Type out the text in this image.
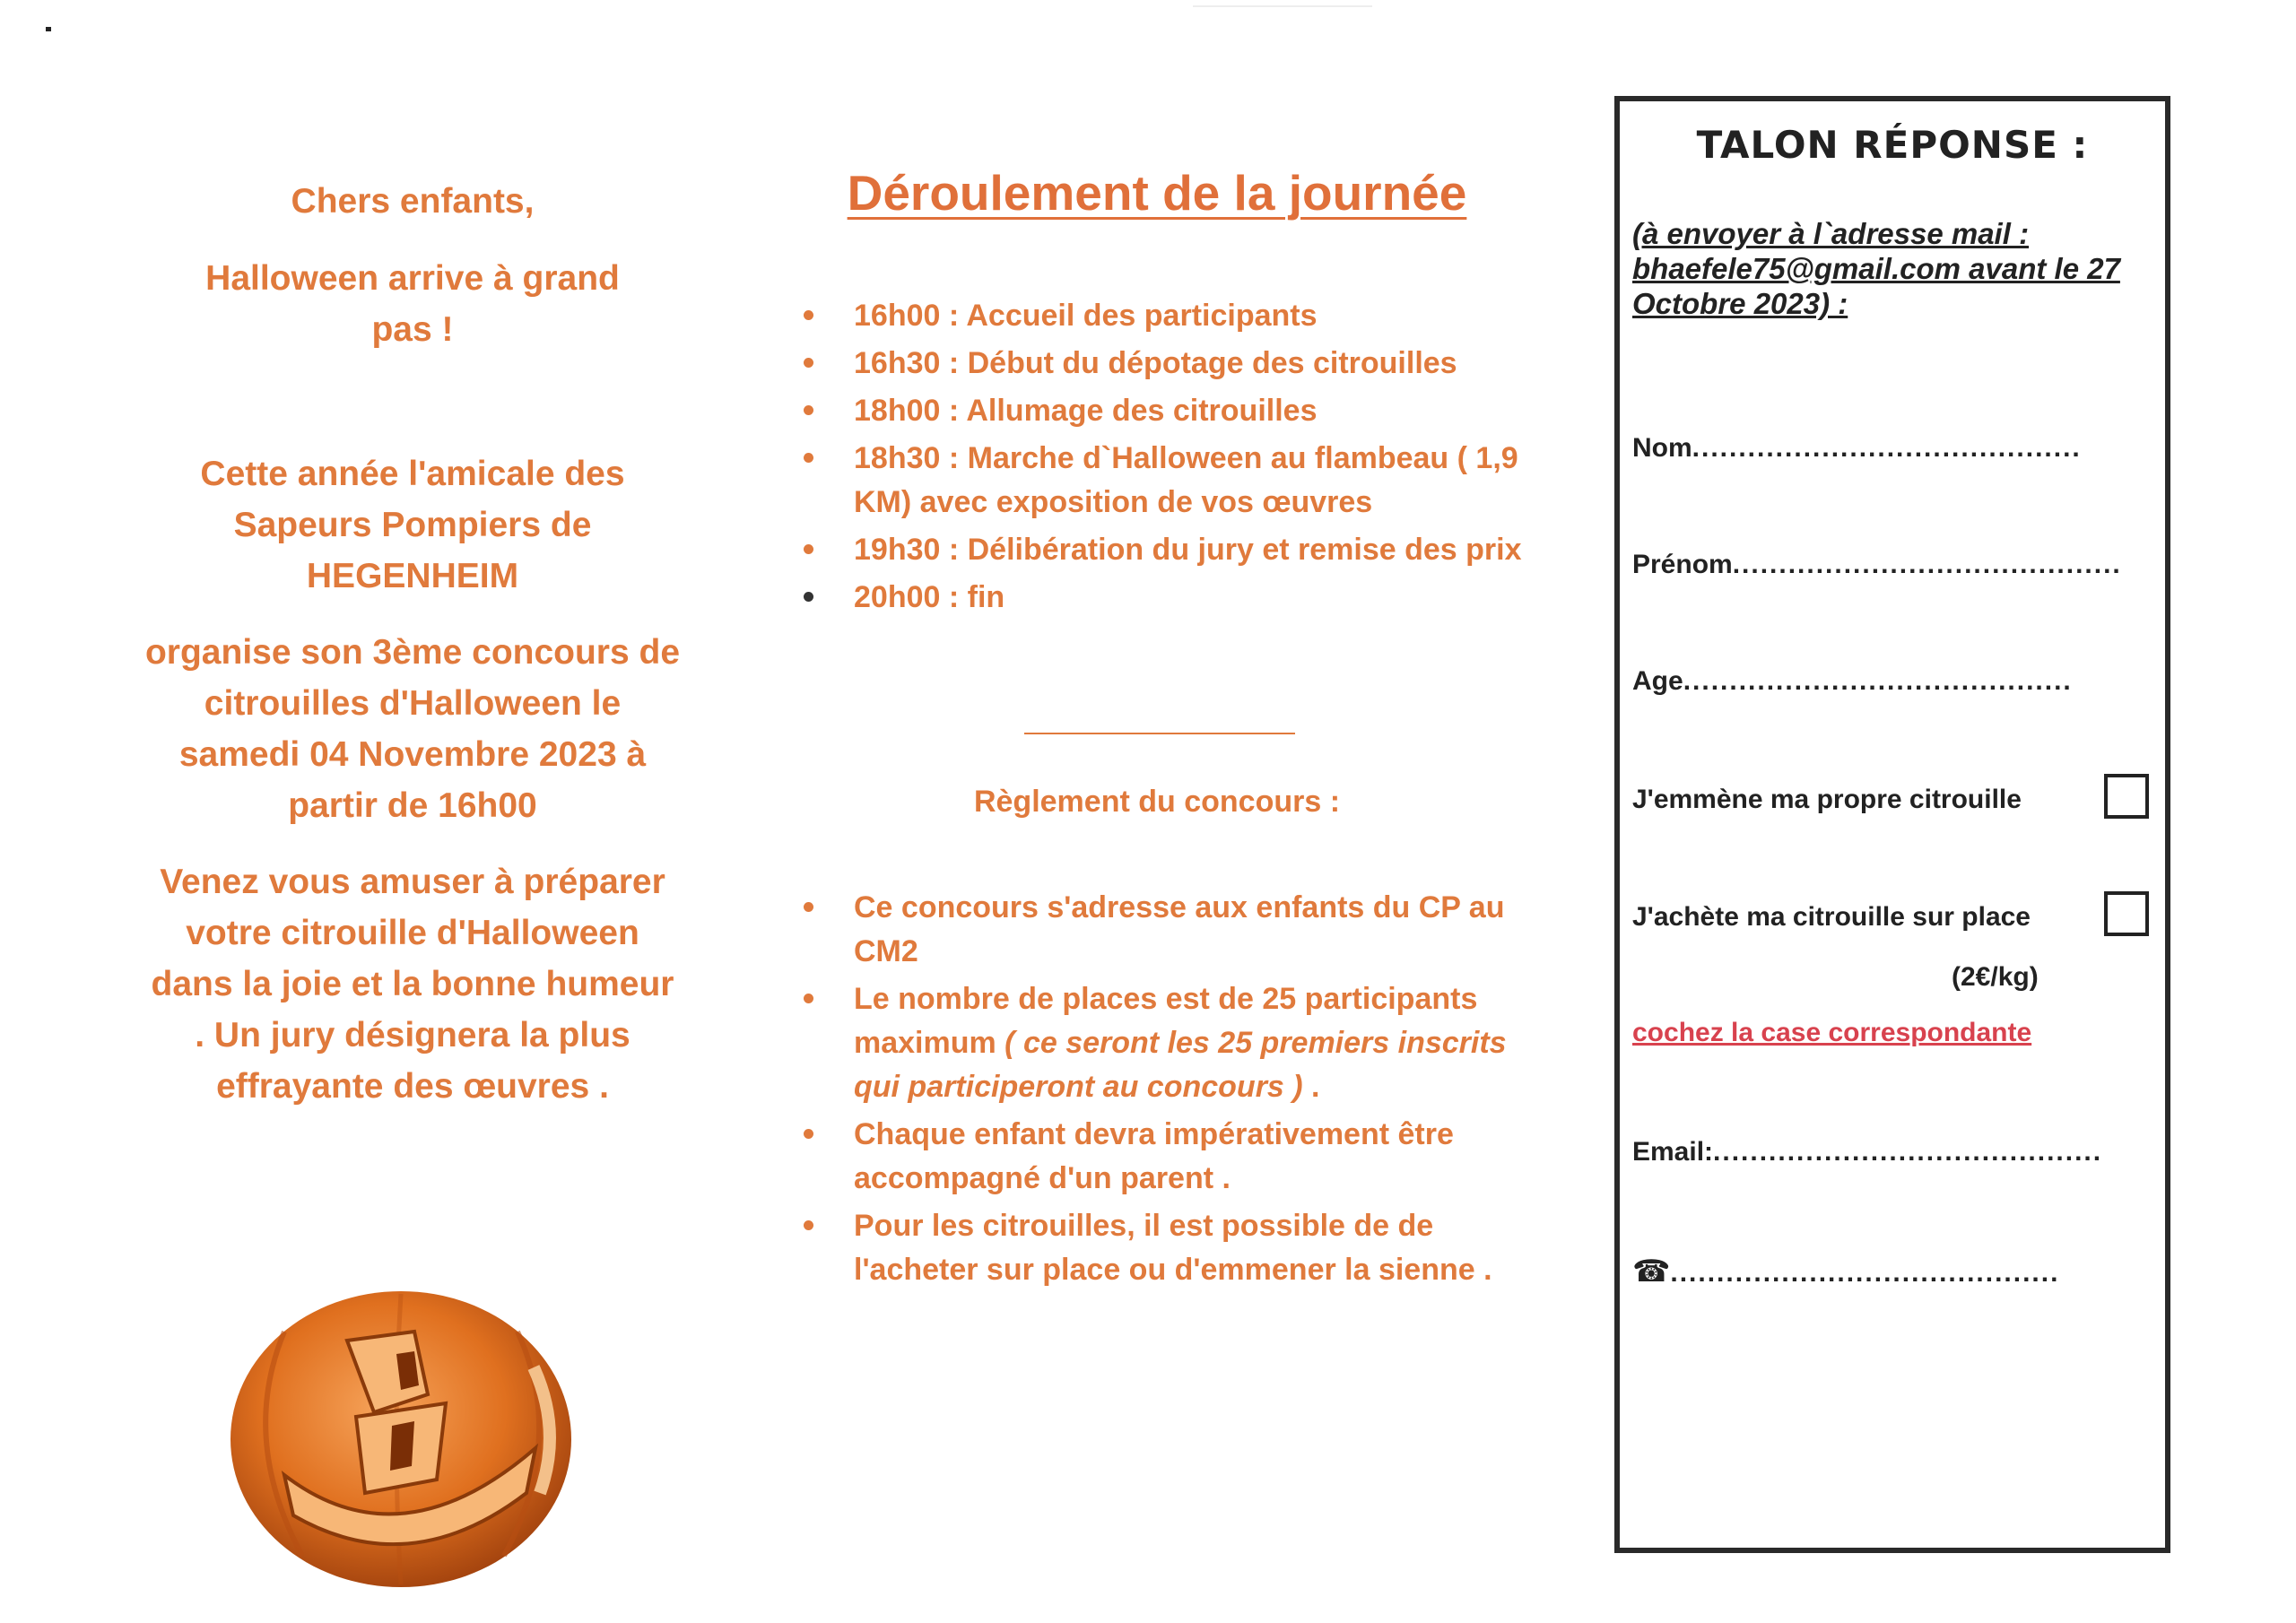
Chers enfants,

Halloween arrive à grand pas !

Cette année l'amicale des Sapeurs Pompiers de HEGENHEIM

organise son 3ème concours de citrouilles d'Halloween le samedi 04 Novembre 2023 à partir de 16h00

Venez vous amuser à préparer votre citrouille d'Halloween dans la joie et la bonne humeur . Un jury désignera la plus effrayante des œuvres .

Déroulement de la journée
16h00 : Accueil des participants
16h30 : Début du dépotage des citrouilles
18h00 : Allumage des citrouilles
18h30 : Marche d`Halloween au flambeau ( 1,9 KM) avec exposition de vos œuvres
19h30 : Délibération du jury et remise des prix
20h00 : fin
Règlement du concours :
Ce concours s'adresse aux enfants du CP au CM2
Le nombre de places est de 25 participants maximum ( ce seront les 25 premiers inscrits qui participeront au concours ) .
Chaque enfant devra impérativement être accompagné d'un parent .
Pour les citrouilles, il est possible de de l'acheter sur place ou d'emmener la sienne .
TALON RÉPONSE :
(à envoyer à l`adresse mail : bhaefele75@gmail.com avant le 27 Octobre 2023) :
Nom..........................................
Prénom..........................................
Age..........................................
J'emmène ma propre citrouille
J'achète ma citrouille sur place
(2€/kg)
cochez la case correspondante
Email:..........................................
☎..........................................
